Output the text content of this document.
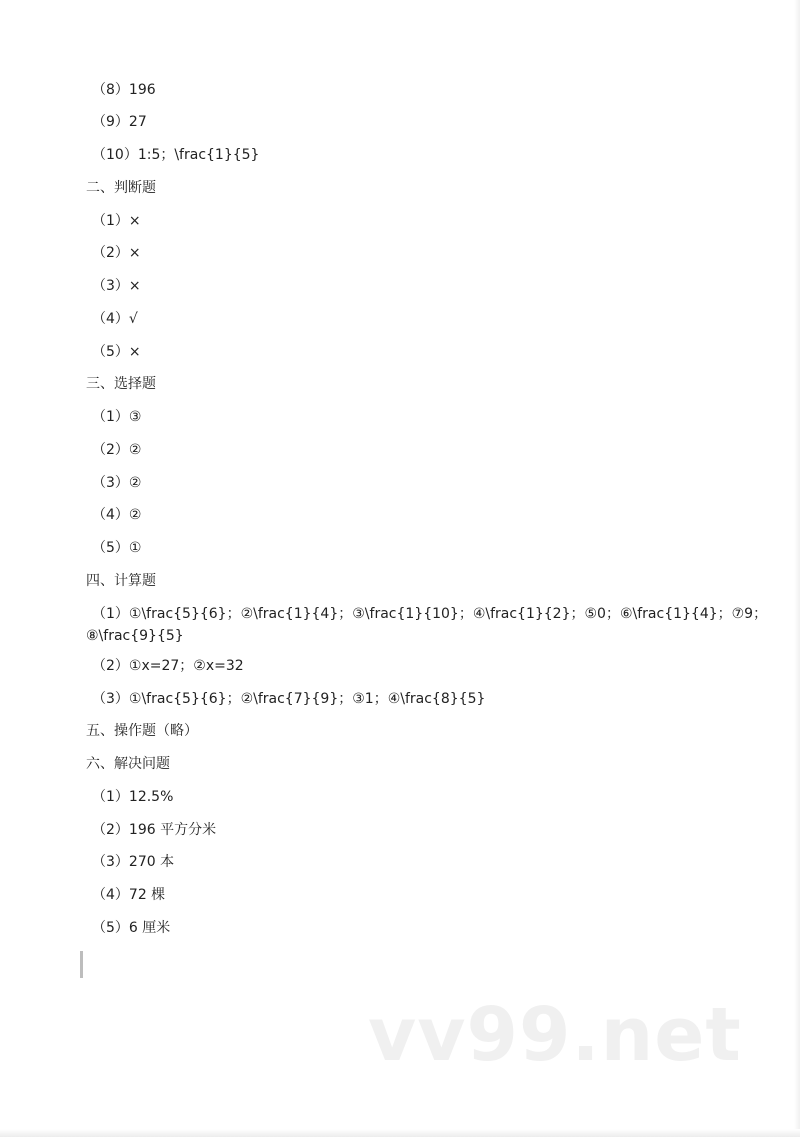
（8）196
（9）27
（10）1:5；\frac{1}{5}
二、判断题
（1）×
（2）×
（3）×
（4）√
（5）×
三、选择题
（1）③
（2）②
（3）②
（4）②
（5）①
四、计算题
（1）①\frac{5}{6}；②\frac{1}{4}；③\frac{1}{10}；④\frac{1}{2}；⑤0；⑥\frac{1}{4}；⑦9；
⑧\frac{9}{5}
（2）①x=27；②x=32
（3）①\frac{5}{6}；②\frac{7}{9}；③1；④\frac{8}{5}
五、操作题（略）
六、解决问题
（1）12.5%
（2）196 平方分米
（3）270 本
（4）72 棵
（5）6 厘米
vv99.net
